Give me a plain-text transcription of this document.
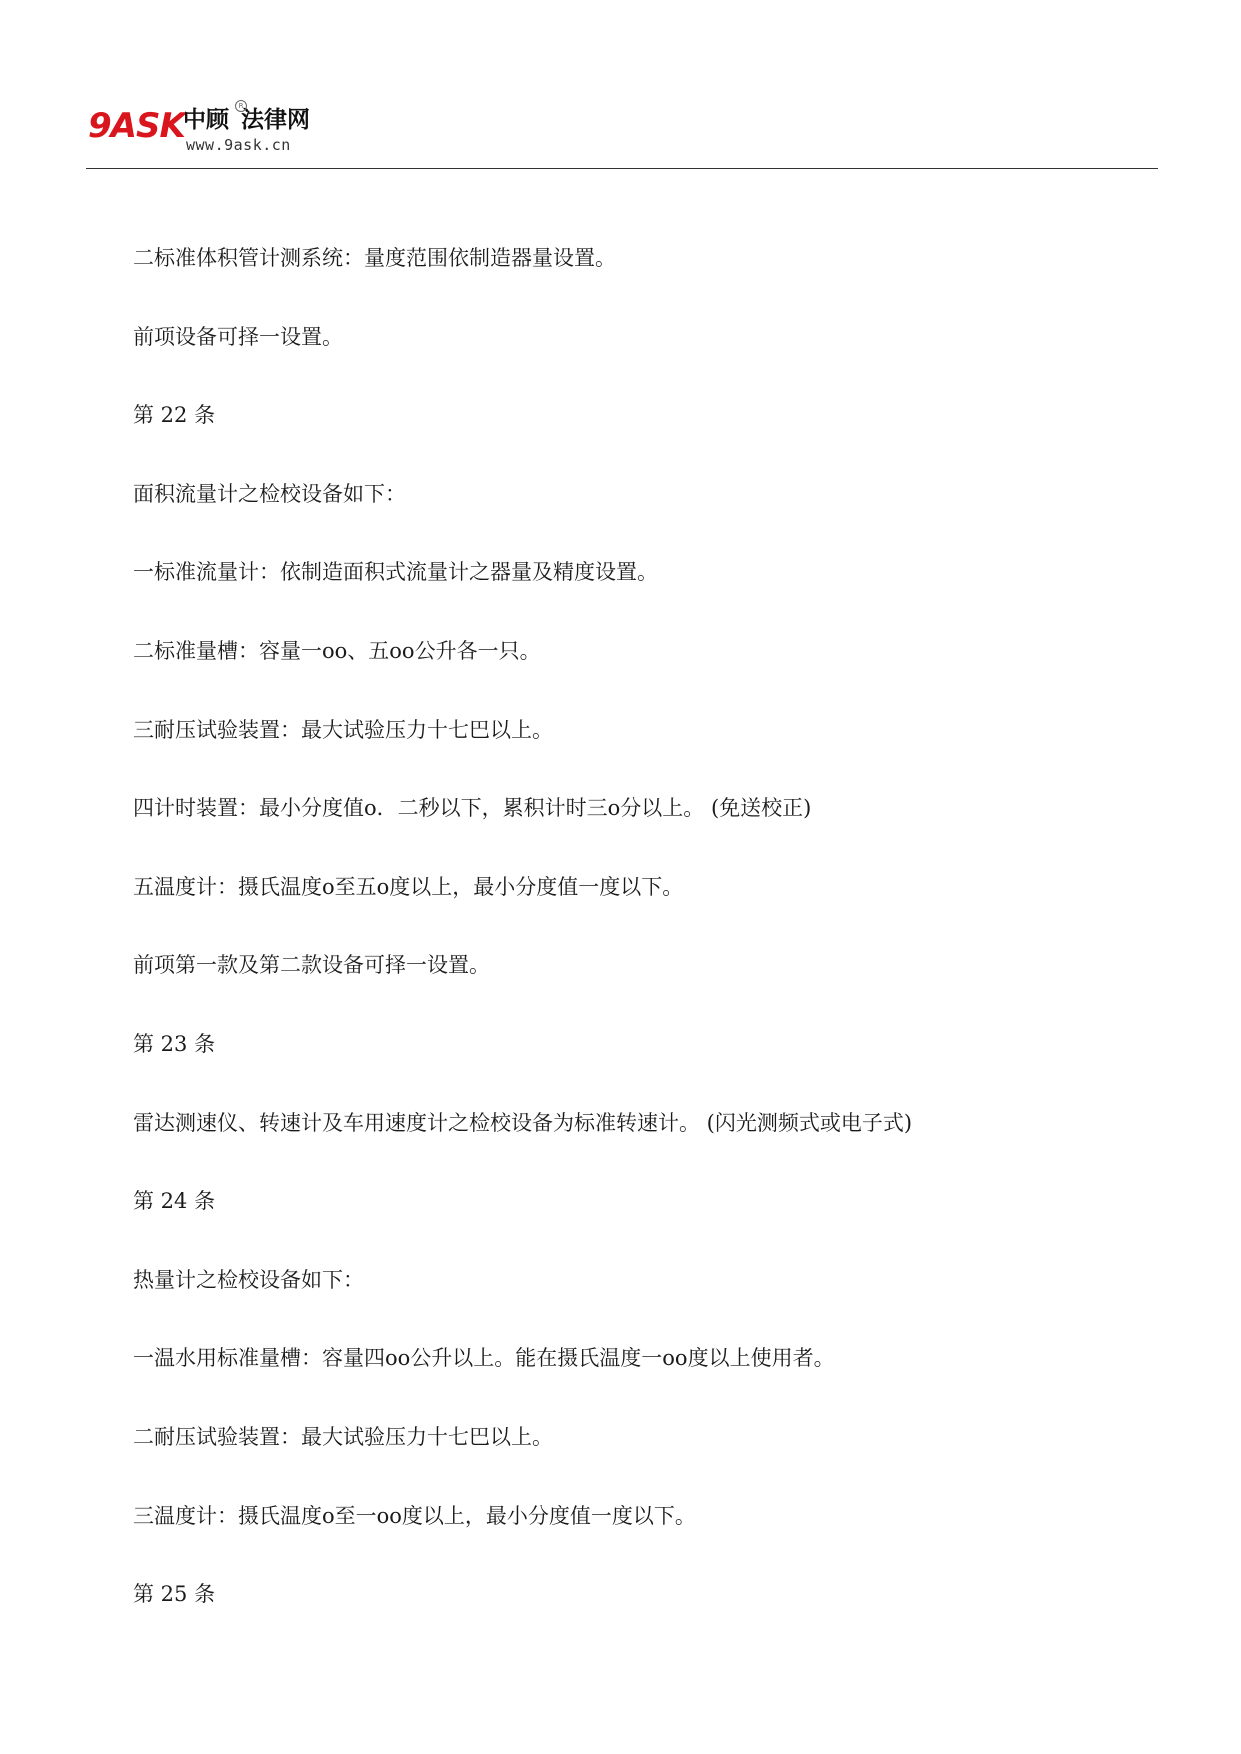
9ASK
中顾 法律网
R
www.9ask.cn
二标准体积管计测系统：量度范围依制造器量设置。
前项设备可择一设置。
第 22 条
面积流量计之检校设备如下：
一标准流量计：依制造面积式流量计之器量及精度设置。
二标准量槽：容量一oo、五oo公升各一只。
三耐压试验装置：最大试验压力十七巴以上。
四计时装置：最小分度值o．二秒以下，累积计时三o分以上。 (免送校正)
五温度计：摄氏温度o至五o度以上，最小分度值一度以下。
前项第一款及第二款设备可择一设置。
第 23 条
雷达测速仪、转速计及车用速度计之检校设备为标准转速计。 (闪光测频式或电子式)
第 24 条
热量计之检校设备如下：
一温水用标准量槽：容量四oo公升以上。能在摄氏温度一oo度以上使用者。
二耐压试验装置：最大试验压力十七巴以上。
三温度计：摄氏温度o至一oo度以上，最小分度值一度以下。
第 25 条
